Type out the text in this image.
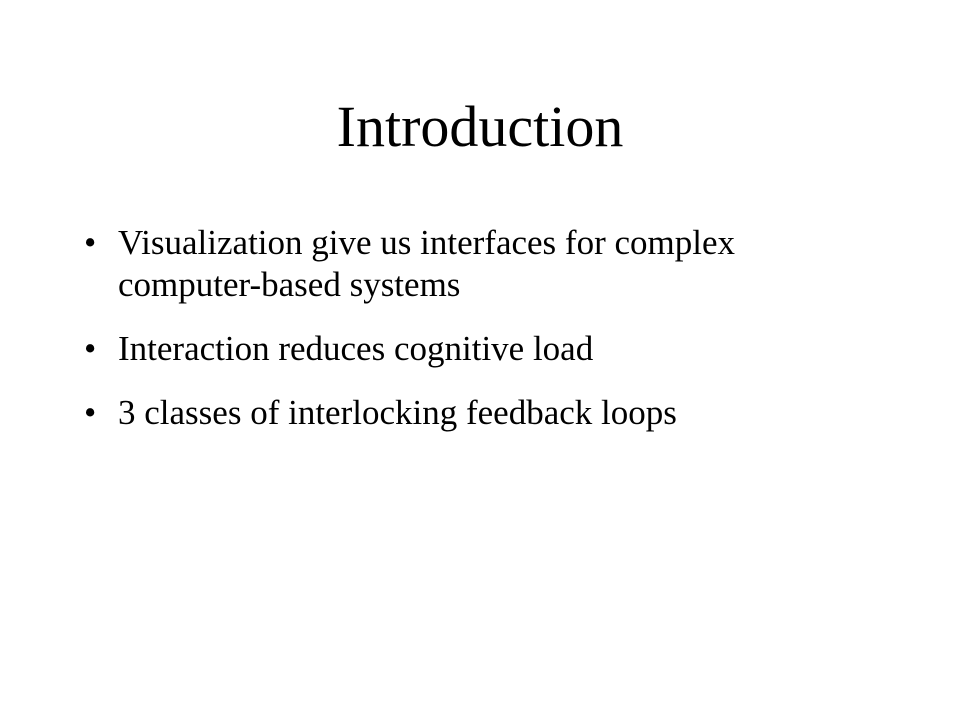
Introduction
• Visualization give us interfaces for complex computer-based systems
• Interaction reduces cognitive load
• 3 classes of interlocking feedback loops
